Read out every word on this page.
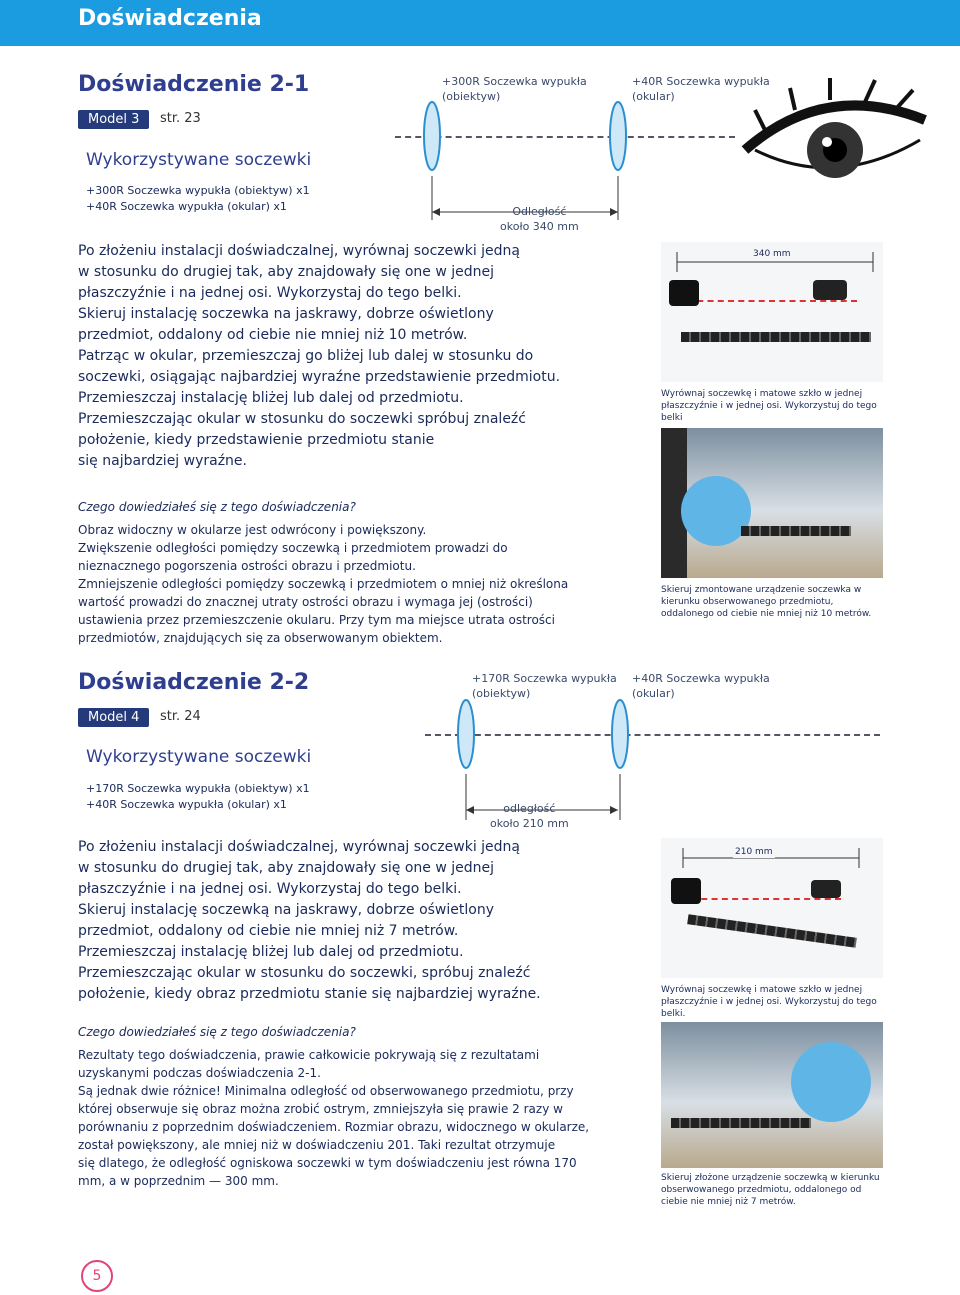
Doświadczenia
Doświadczenie 2-1
Model 3	str. 23
+300R Soczewka wypukła
(obiektyw)
+40R Soczewka wypukła
(okular)
Odległość
około 340 mm
Wykorzystywane soczewki
+300R Soczewka wypukła (obiektyw) x1
+40R Soczewka wypukła (okular) x1

Po złożeniu instalacji doświadczalnej, wyrównaj soczewki jedną

w stosunku do drugiej tak, aby znajdowały się one w jednej

płaszczyźnie i na jednej osi. Wykorzystaj do tego belki.

Skieruj instalację soczewka na jaskrawy, dobrze oświetlony

przedmiot, oddalony od ciebie nie mniej niż 10 metrów.

Patrząc w okular, przemieszczaj go bliżej lub dalej w stosunku do

soczewki, osiągając najbardziej wyraźne przedstawienie przedmiotu.

Przemieszczaj instalację bliżej lub dalej od przedmiotu.

Przemieszczając okular w stosunku do soczewki spróbuj znaleźć

położenie, kiedy przedstawienie przedmiotu stanie

się najbardziej wyraźne.

340 mm
Wyrównaj soczewkę i matowe szkło w jednej płaszczyźnie i w jednej osi. Wykorzystuj do tego belki
Skieruj zmontowane urządzenie soczewka w kierunku obserwowanego przedmiotu, oddalonego od ciebie nie mniej niż 10 metrów.
Czego dowiedziałeś się z tego doświadczenia?

Obraz widoczny w okularze jest odwrócony i powiększony.

Zwiększenie odległości pomiędzy soczewką i przedmiotem prowadzi do

nieznacznego pogorszenia ostrości obrazu i przedmiotu.

Zmniejszenie odległości pomiędzy soczewką i przedmiotem o mniej niż określona

wartość prowadzi do znacznej utraty ostrości obrazu i wymaga jej (ostrości)

ustawienia przez przemieszczenie okularu. Przy tym ma miejsce utrata ostrości

przedmiotów, znajdujących się za obserwowanym obiektem.

Doświadczenie 2-2
Model 4	str. 24
+170R Soczewka wypukła
(obiektyw)
+40R Soczewka wypukła
(okular)
odległość
około 210 mm
Wykorzystywane soczewki
+170R Soczewka wypukła (obiektyw) x1
+40R Soczewka wypukła (okular) x1

Po złożeniu instalacji doświadczalnej, wyrównaj soczewki jedną

w stosunku do drugiej tak, aby znajdowały się one w jednej

płaszczyźnie i na jednej osi. Wykorzystaj do tego belki.

Skieruj instalację soczewką na jaskrawy, dobrze oświetlony

przedmiot, oddalony od ciebie nie mniej niż 7 metrów.

Przemieszczaj instalację bliżej lub dalej od przedmiotu.

Przemieszczając okular w stosunku do soczewki, spróbuj znaleźć

położenie, kiedy obraz przedmiotu stanie się najbardziej wyraźne.

210 mm
Wyrównaj soczewkę i matowe szkło w jednej płaszczyźnie i w jednej osi. Wykorzystuj do tego belki.
Skieruj złożone urządzenie soczewką w kierunku obserwowanego przedmiotu, oddalonego od ciebie nie mniej niż 7 metrów.
Czego dowiedziałeś się z tego doświadczenia?

Rezultaty tego doświadczenia, prawie całkowicie pokrywają się z rezultatami

uzyskanymi podczas doświadczenia 2-1.

Są jednak dwie różnice! Minimalna odległość od obserwowanego przedmiotu, przy

której obserwuje się obraz można zrobić ostrym, zmniejszyła się prawie 2 razy w

porównaniu z poprzednim doświadczeniem. Rozmiar obrazu, widocznego w okularze,

został powiększony, ale mniej niż w doświadczeniu 201. Taki rezultat otrzymuje

się dlatego, że odległość ogniskowa soczewki w tym doświadczeniu jest równa 170

mm, a w poprzednim — 300 mm.

5
